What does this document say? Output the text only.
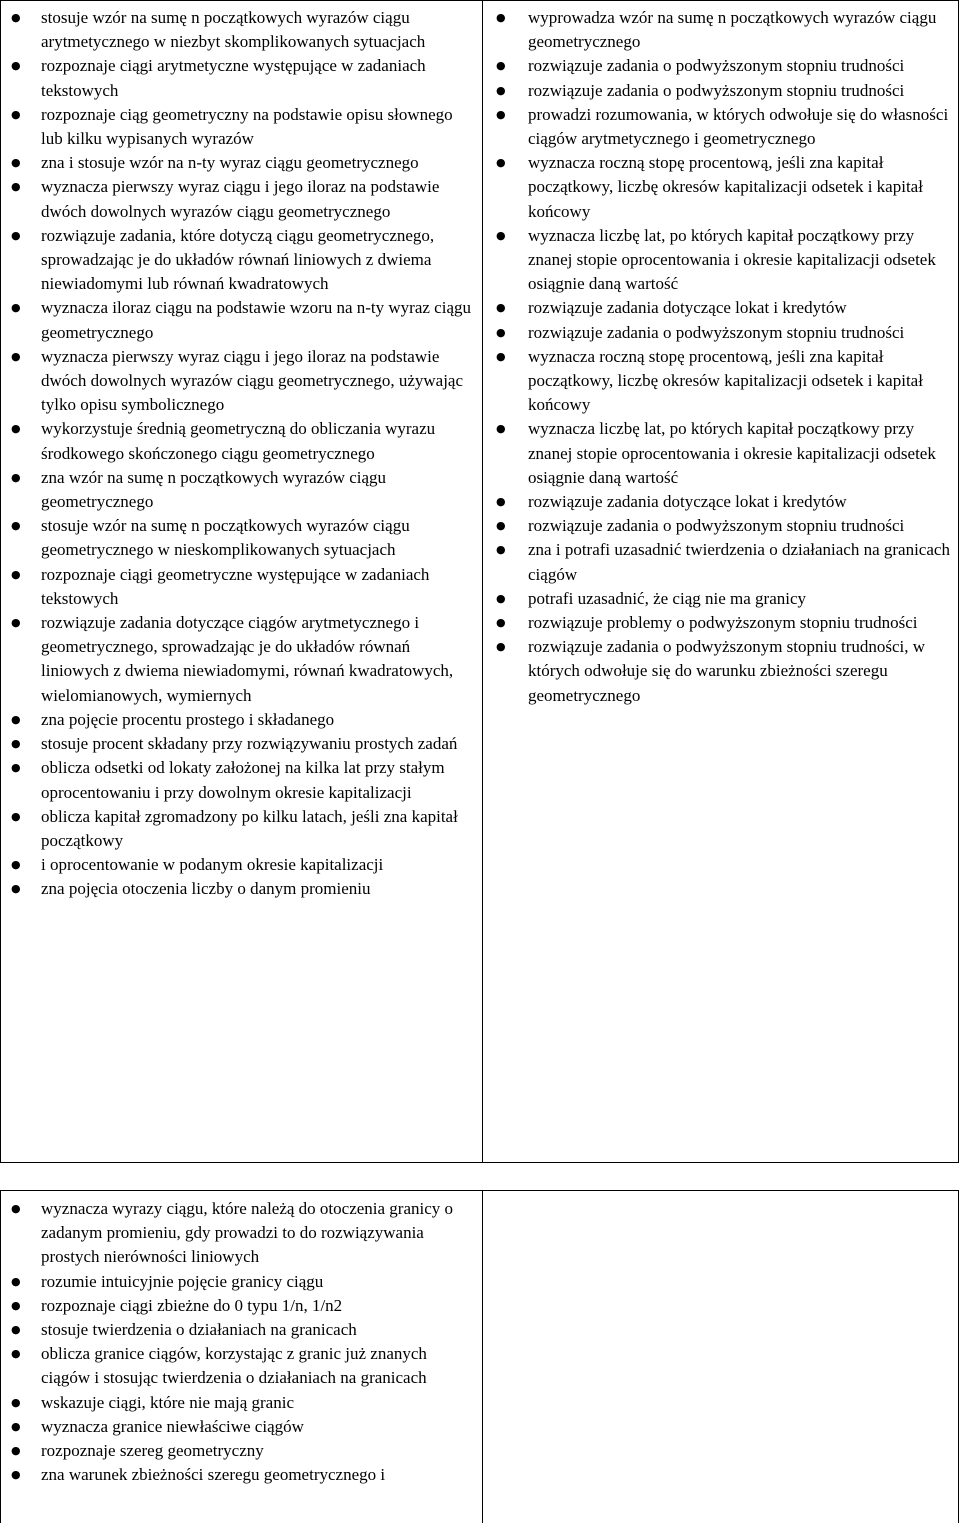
● stosuje wzór na sumę n początkowych wyrazów ciągu arytmetycznego w niezbyt skomplikowanych sytuacjach
● rozpoznaje ciągi arytmetyczne występujące w zadaniach tekstowych
● rozpoznaje ciąg geometryczny na podstawie opisu słownego lub kilku wypisanych wyrazów
● zna i stosuje wzór na n-ty wyraz ciągu geometrycznego
● wyznacza pierwszy wyraz ciągu i jego iloraz na podstawie dwóch dowolnych wyrazów ciągu geometrycznego
● rozwiązuje zadania, które dotyczą ciągu geometrycznego, sprowadzając je do układów równań liniowych z dwiema niewiadomymi lub równań kwadratowych
● wyznacza iloraz ciągu na podstawie wzoru na n-ty wyraz ciągu geometrycznego
● wyznacza pierwszy wyraz ciągu i jego iloraz na podstawie dwóch dowolnych wyrazów ciągu geometrycznego, używając tylko opisu symbolicznego
● wykorzystuje średnią geometryczną do obliczania wyrazu środkowego skończonego ciągu geometrycznego
● zna wzór na sumę n początkowych wyrazów ciągu geometrycznego
● stosuje wzór na sumę n początkowych wyrazów ciągu geometrycznego w nieskomplikowanych sytuacjach
● rozpoznaje ciągi geometryczne występujące w zadaniach tekstowych
● rozwiązuje zadania dotyczące ciągów arytmetycznego i geometrycznego, sprowadzając je do układów równań liniowych z dwiema niewiadomymi, równań kwadratowych, wielomianowych, wymiernych
● zna pojęcie procentu prostego i składanego
● stosuje procent składany przy rozwiązywaniu prostych zadań
● oblicza odsetki od lokaty założonej na kilka lat przy stałym oprocentowaniu i przy dowolnym okresie kapitalizacji
● oblicza kapitał zgromadzony po kilku latach, jeśli zna kapitał początkowy
● i oprocentowanie w podanym okresie kapitalizacji
● zna pojęcia otoczenia liczby o danym promieniu
● wyprowadza wzór na sumę n początkowych wyrazów ciągu geometrycznego
● rozwiązuje zadania o podwyższonym stopniu trudności
● rozwiązuje zadania o podwyższonym stopniu trudności
● prowadzi rozumowania, w których odwołuje się do własności ciągów arytmetycznego i geometrycznego
● wyznacza roczną stopę procentową, jeśli zna kapitał początkowy, liczbę okresów kapitalizacji odsetek i kapitał końcowy
● wyznacza liczbę lat, po których kapitał początkowy przy znanej stopie oprocentowania i okresie kapitalizacji odsetek osiągnie daną wartość
● rozwiązuje zadania dotyczące lokat i kredytów
● rozwiązuje zadania o podwyższonym stopniu trudności
● wyznacza roczną stopę procentową, jeśli zna kapitał początkowy, liczbę okresów kapitalizacji odsetek i kapitał końcowy
● wyznacza liczbę lat, po których kapitał początkowy przy znanej stopie oprocentowania i okresie kapitalizacji odsetek osiągnie daną wartość
● rozwiązuje zadania dotyczące lokat i kredytów
● rozwiązuje zadania o podwyższonym stopniu trudności
● zna i potrafi uzasadnić twierdzenia o działaniach na granicach ciągów
● potrafi uzasadnić, że ciąg nie ma granicy
● rozwiązuje problemy o podwyższonym stopniu trudności
● rozwiązuje zadania o podwyższonym stopniu trudności, w których odwołuje się do warunku zbieżności szeregu geometrycznego
● wyznacza wyrazy ciągu, które należą do otoczenia granicy o zadanym promieniu, gdy prowadzi to do rozwiązywania prostych nierówności liniowych
● rozumie intuicyjnie pojęcie granicy ciągu
● rozpoznaje ciągi zbieżne do 0 typu 1/n, 1/n2
● stosuje twierdzenia o działaniach na granicach
● oblicza granice ciągów, korzystając z granic już znanych ciągów i stosując twierdzenia o działaniach na granicach
● wskazuje ciągi, które nie mają granic
● wyznacza granice niewłaściwe ciągów
● rozpoznaje szereg geometryczny
● zna warunek zbieżności szeregu geometrycznego i
